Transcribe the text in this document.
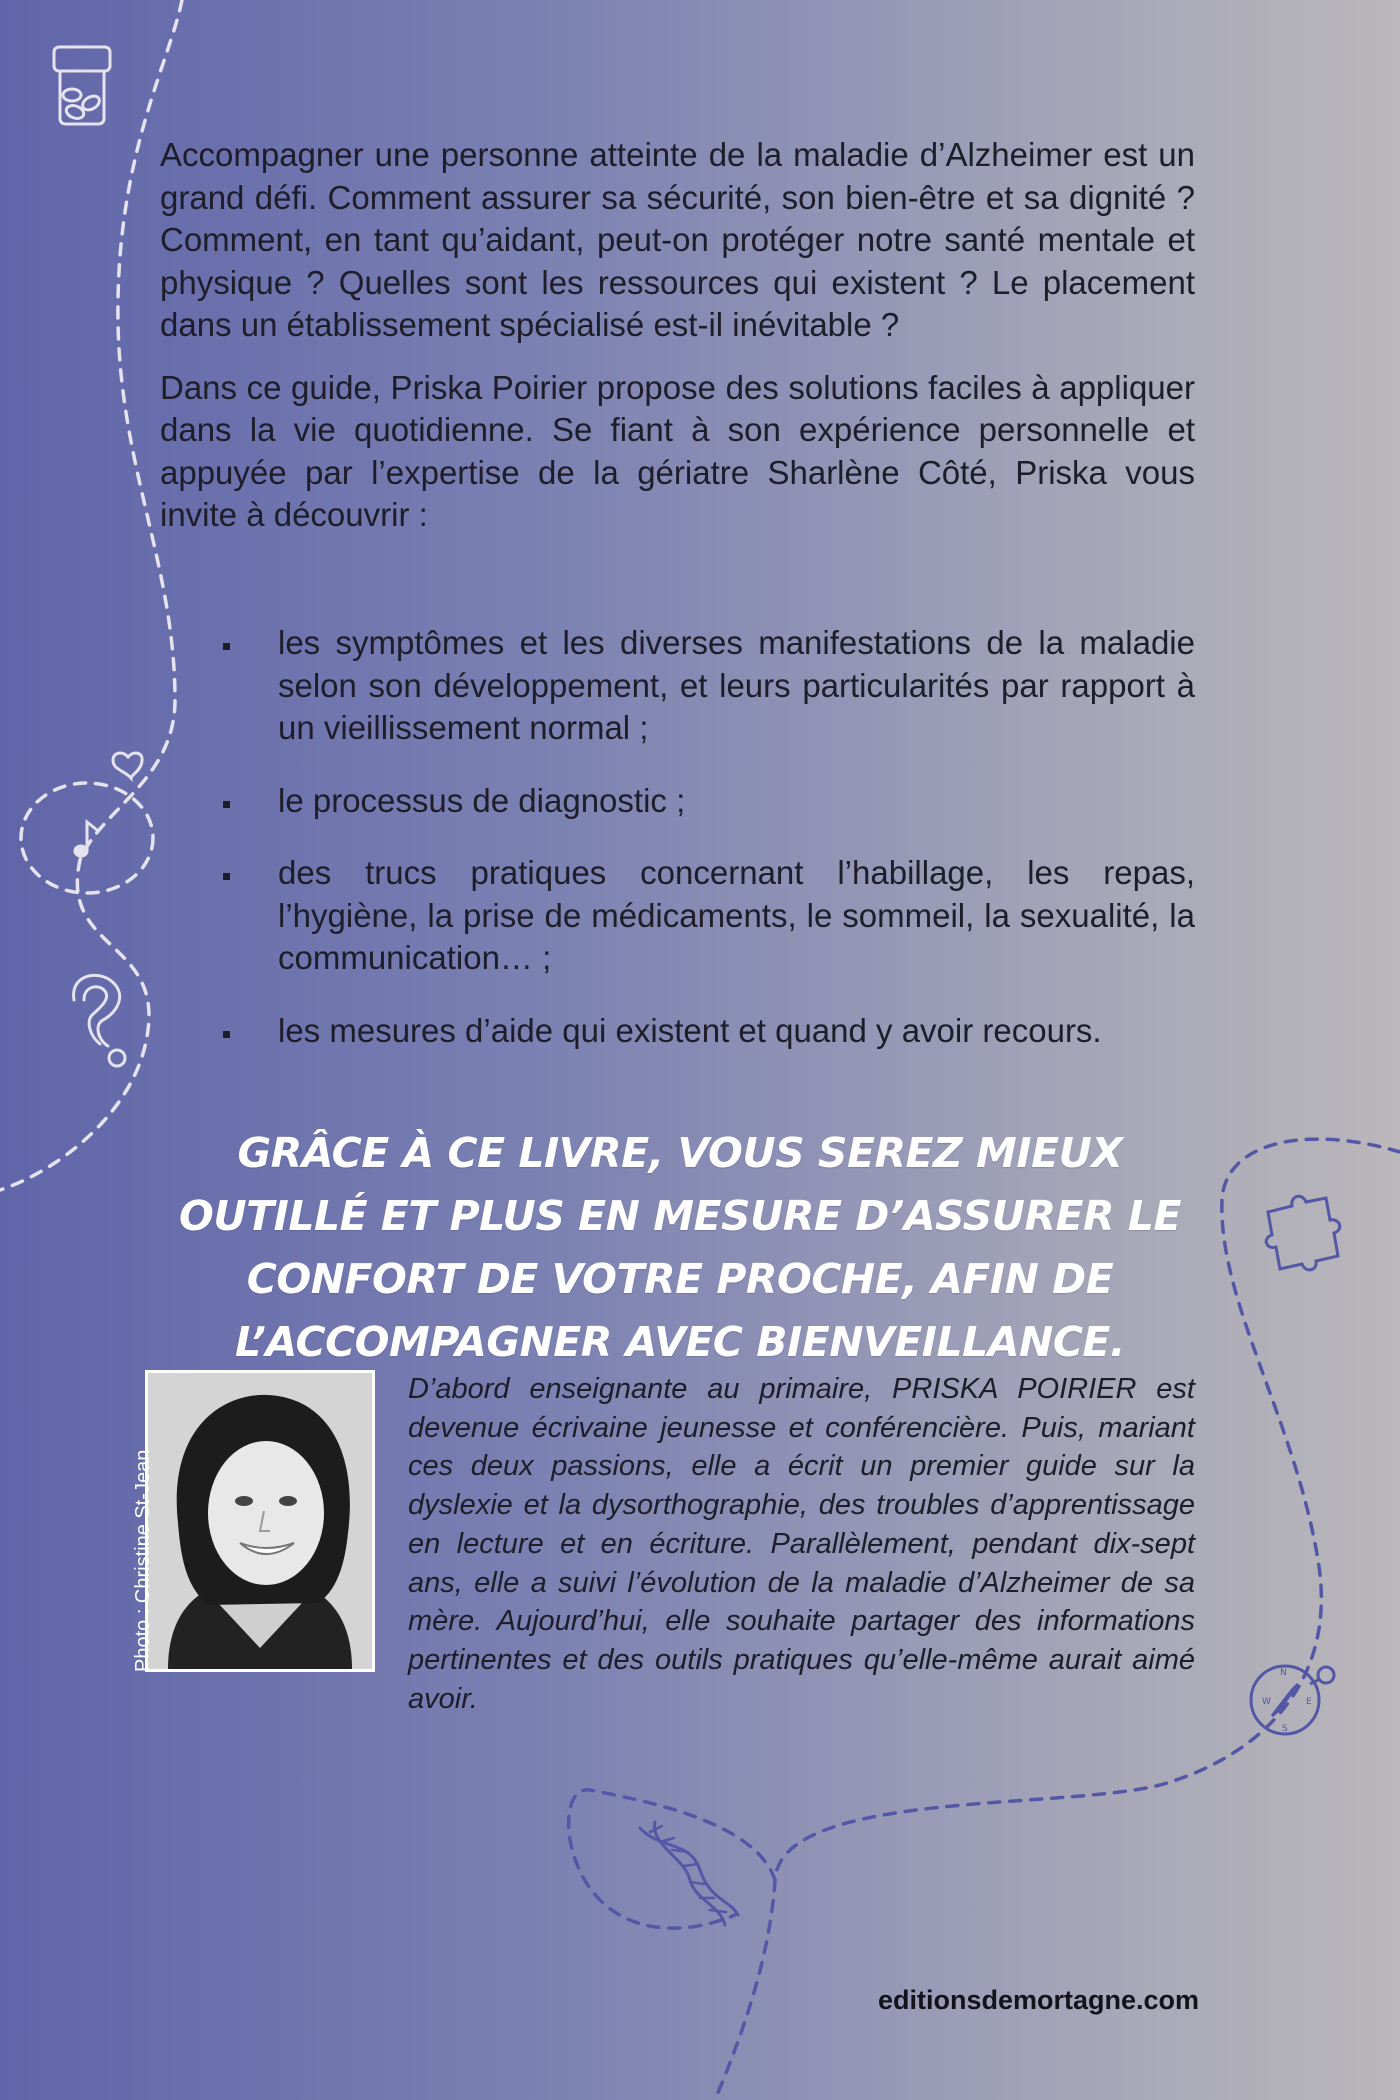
N
E
W
S

Accompagner une personne atteinte de la maladie d’Alzheimer est un grand défi. Comment assurer sa sécurité, son bien-être et sa dignité ? Comment, en tant qu’aidant, peut-on protéger notre santé mentale et physique ? Quelles sont les ressources qui existent ? Le placement dans un établissement spécialisé est-il inévitable ?

Dans ce guide, Priska Poirier propose des solutions faciles à appliquer dans la vie quotidienne. Se fiant à son expérience personnelle et appuyée par l’expertise de la gériatre Sharlène Côté, Priska vous invite à découvrir :

les symptômes et les diverses manifestations de la maladie selon son développement, et leurs particularités par rapport à un vieillissement normal ;
le processus de diagnostic ;
des trucs pratiques concernant l’habillage, les repas, l’hygiène, la prise de médicaments, le sommeil, la sexualité, la communication… ;
les mesures d’aide qui existent et quand y avoir recours.

GRÂCE À CE LIVRE, VOUS SEREZ MIEUX OUTILLÉ ET PLUS EN MESURE D’ASSURER LE CONFORT DE VOTRE PROCHE, AFIN DE L’ACCOMPAGNER AVEC BIENVEILLANCE.

Photo : Christine St-Jean

D’abord enseignante au primaire, PRISKA POIRIER est devenue écrivaine jeunesse et conférencière. Puis, mariant ces deux passions, elle a écrit un premier guide sur la dyslexie et la dysorthographie, des troubles d’apprentissage en lecture et en écriture. Parallèlement, pendant dix-sept ans, elle a suivi l’évolution de la maladie d’Alzheimer de sa mère. Aujourd’hui, elle souhaite partager des informations pertinentes et des outils pratiques qu’elle-même aurait aimé avoir.

editionsdemortagne.com
